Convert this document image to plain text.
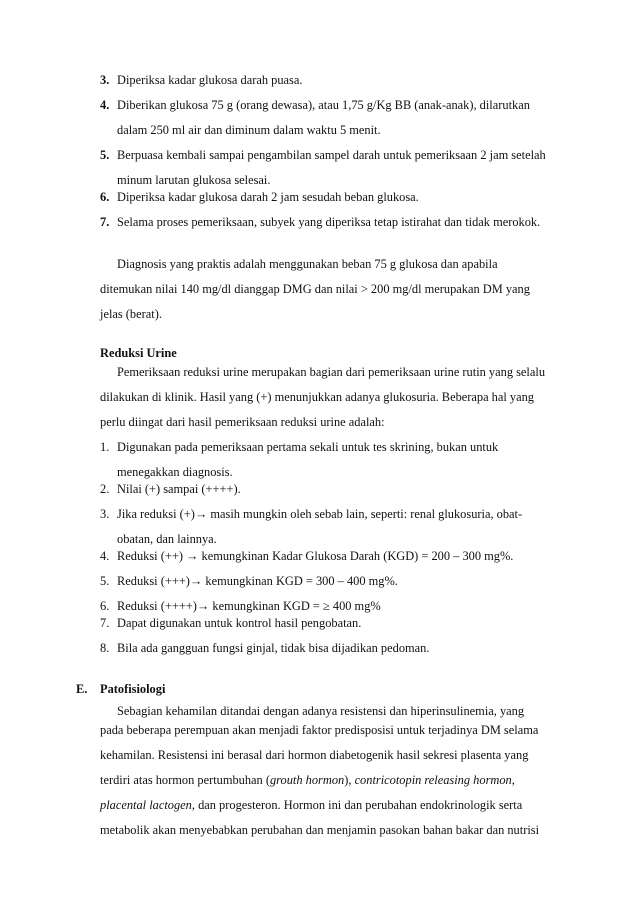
3. Diperiksa kadar glukosa darah puasa.
4. Diberikan glukosa 75 g (orang dewasa), atau 1,75 g/Kg BB (anak-anak), dilarutkan
dalam 250 ml air dan diminum dalam waktu 5 menit.
5. Berpuasa kembali sampai pengambilan sampel darah untuk pemeriksaan 2 jam setelah
minum larutan glukosa selesai.
6. Diperiksa kadar glukosa darah 2 jam sesudah beban glukosa.
7. Selama proses pemeriksaan, subyek yang diperiksa tetap istirahat dan tidak merokok.
Diagnosis yang praktis adalah menggunakan beban 75 g glukosa dan apabila
ditemukan nilai 140 mg/dl dianggap DMG dan nilai > 200 mg/dl merupakan DM yang
jelas (berat).
Reduksi Urine
Pemeriksaan reduksi urine merupakan bagian dari pemeriksaan urine rutin yang selalu
dilakukan di klinik. Hasil yang (+) menunjukkan adanya glukosuria. Beberapa hal yang
perlu diingat dari hasil pemeriksaan reduksi urine adalah:
1. Digunakan pada pemeriksaan pertama sekali untuk tes skrining, bukan untuk
menegakkan diagnosis.
2. Nilai (+) sampai (++++).
3. Jika reduksi (+)→ masih mungkin oleh sebab lain, seperti: renal glukosuria, obat-
obatan, dan lainnya.
4. Reduksi (++) → kemungkinan Kadar Glukosa Darah (KGD) = 200 – 300 mg%.
5. Reduksi (+++)→ kemungkinan KGD = 300 – 400 mg%.
6. Reduksi (++++)→ kemungkinan KGD = ≥ 400 mg%
7. Dapat digunakan untuk kontrol hasil pengobatan.
8. Bila ada gangguan fungsi ginjal, tidak bisa dijadikan pedoman.
E. Patofisiologi
Sebagian kehamilan ditandai dengan adanya resistensi dan hiperinsulinemia, yang
pada beberapa perempuan akan menjadi faktor predisposisi untuk terjadinya DM selama
kehamilan. Resistensi ini berasal dari hormon diabetogenik hasil sekresi plasenta yang
terdiri atas hormon pertumbuhan (grouth hormon), contricotopin releasing hormon,
placental lactogen, dan progesteron. Hormon ini dan perubahan endokrinologik serta
metabolik akan menyebabkan perubahan dan menjamin pasokan bahan bakar dan nutrisi
